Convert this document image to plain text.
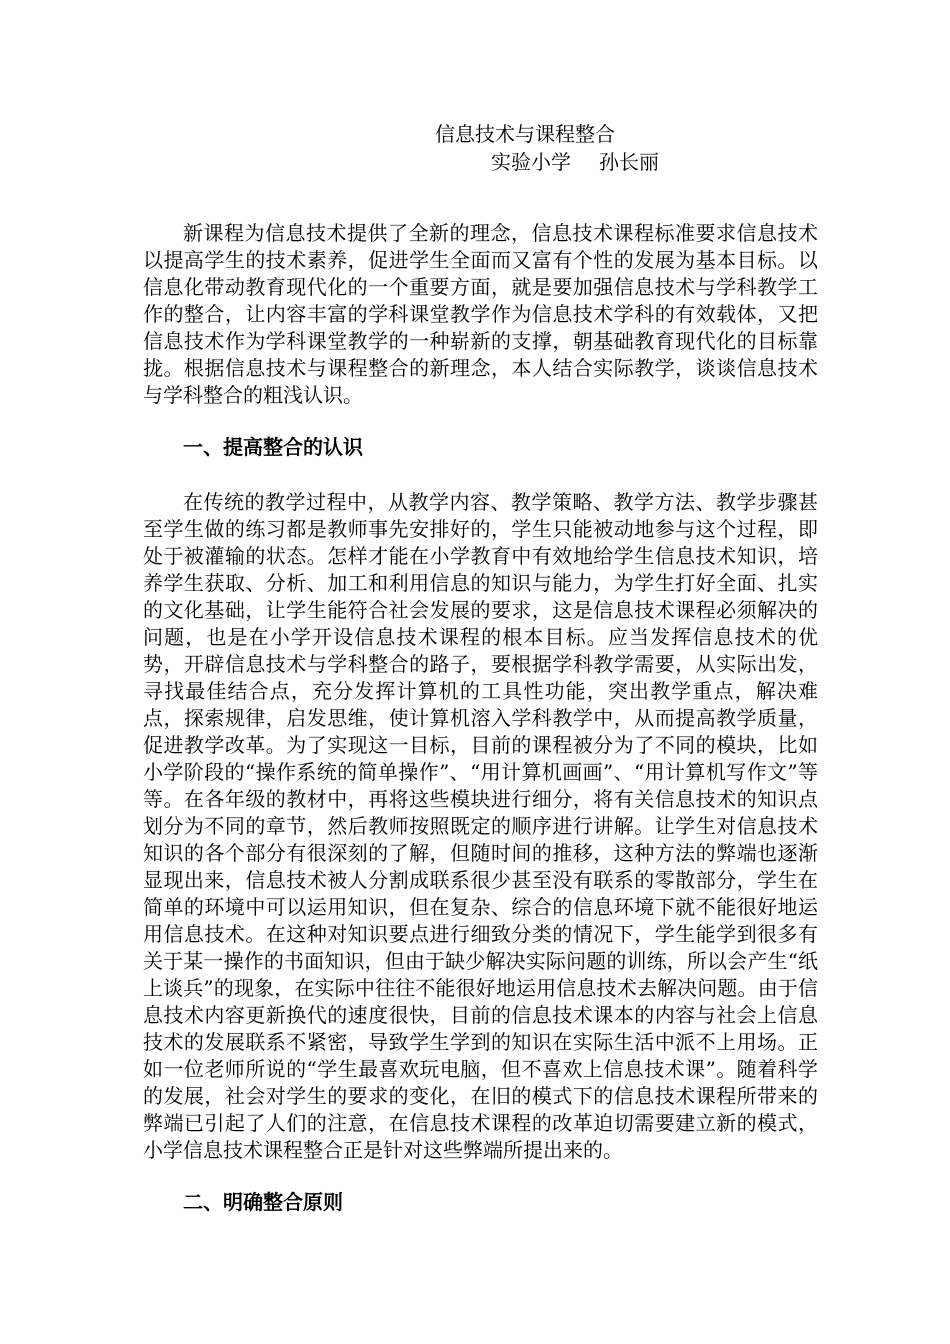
信息技术与课程整合
实验小学 孙长丽

新课程为信息技术提供了全新的理念，信息技术课程标准要求信息技术以提高学生的技术素养，促进学生全面而又富有个性的发展为基本目标。以信息化带动教育现代化的一个重要方面，就是要加强信息技术与学科教学工作的整合，让内容丰富的学科课堂教学作为信息技术学科的有效载体，又把信息技术作为学科课堂教学的一种崭新的支撑，朝基础教育现代化的目标靠拢。根据信息技术与课程整合的新理念，本人结合实际教学，谈谈信息技术与学科整合的粗浅认识。

一、提高整合的认识

在传统的教学过程中，从教学内容、教学策略、教学方法、教学步骤甚至学生做的练习都是教师事先安排好的，学生只能被动地参与这个过程，即处于被灌输的状态。怎样才能在小学教育中有效地给学生信息技术知识，培养学生获取、分析、加工和利用信息的知识与能力，为学生打好全面、扎实的文化基础，让学生能符合社会发展的要求，这是信息技术课程必须解决的问题，也是在小学开设信息技术课程的根本目标。应当发挥信息技术的优势，开辟信息技术与学科整合的路子，要根据学科教学需要，从实际出发，寻找最佳结合点，充分发挥计算机的工具性功能，突出教学重点，解决难点，探索规律，启发思维，使计算机溶入学科教学中，从而提高教学质量，促进教学改革。为了实现这一目标，目前的课程被分为了不同的模块，比如小学阶段的“操作系统的简单操作”、“用计算机画画”、“用计算机写作文”等等。在各年级的教材中，再将这些模块进行细分，将有关信息技术的知识点划分为不同的章节，然后教师按照既定的顺序进行讲解。让学生对信息技术知识的各个部分有很深刻的了解，但随时间的推移，这种方法的弊端也逐渐显现出来，信息技术被人分割成联系很少甚至没有联系的零散部分，学生在简单的环境中可以运用知识，但在复杂、综合的信息环境下就不能很好地运用信息技术。在这种对知识要点进行细致分类的情况下，学生能学到很多有关于某一操作的书面知识，但由于缺少解决实际问题的训练，所以会产生“纸上谈兵”的现象，在实际中往往不能很好地运用信息技术去解决问题。由于信息技术内容更新换代的速度很快，目前的信息技术课本的内容与社会上信息技术的发展联系不紧密，导致学生学到的知识在实际生活中派不上用场。正如一位老师所说的“学生最喜欢玩电脑，但不喜欢上信息技术课”。随着科学的发展，社会对学生的要求的变化，在旧的模式下的信息技术课程所带来的弊端已引起了人们的注意，在信息技术课程的改革迫切需要建立新的模式，小学信息技术课程整合正是针对这些弊端所提出来的。

二、明确整合原则
